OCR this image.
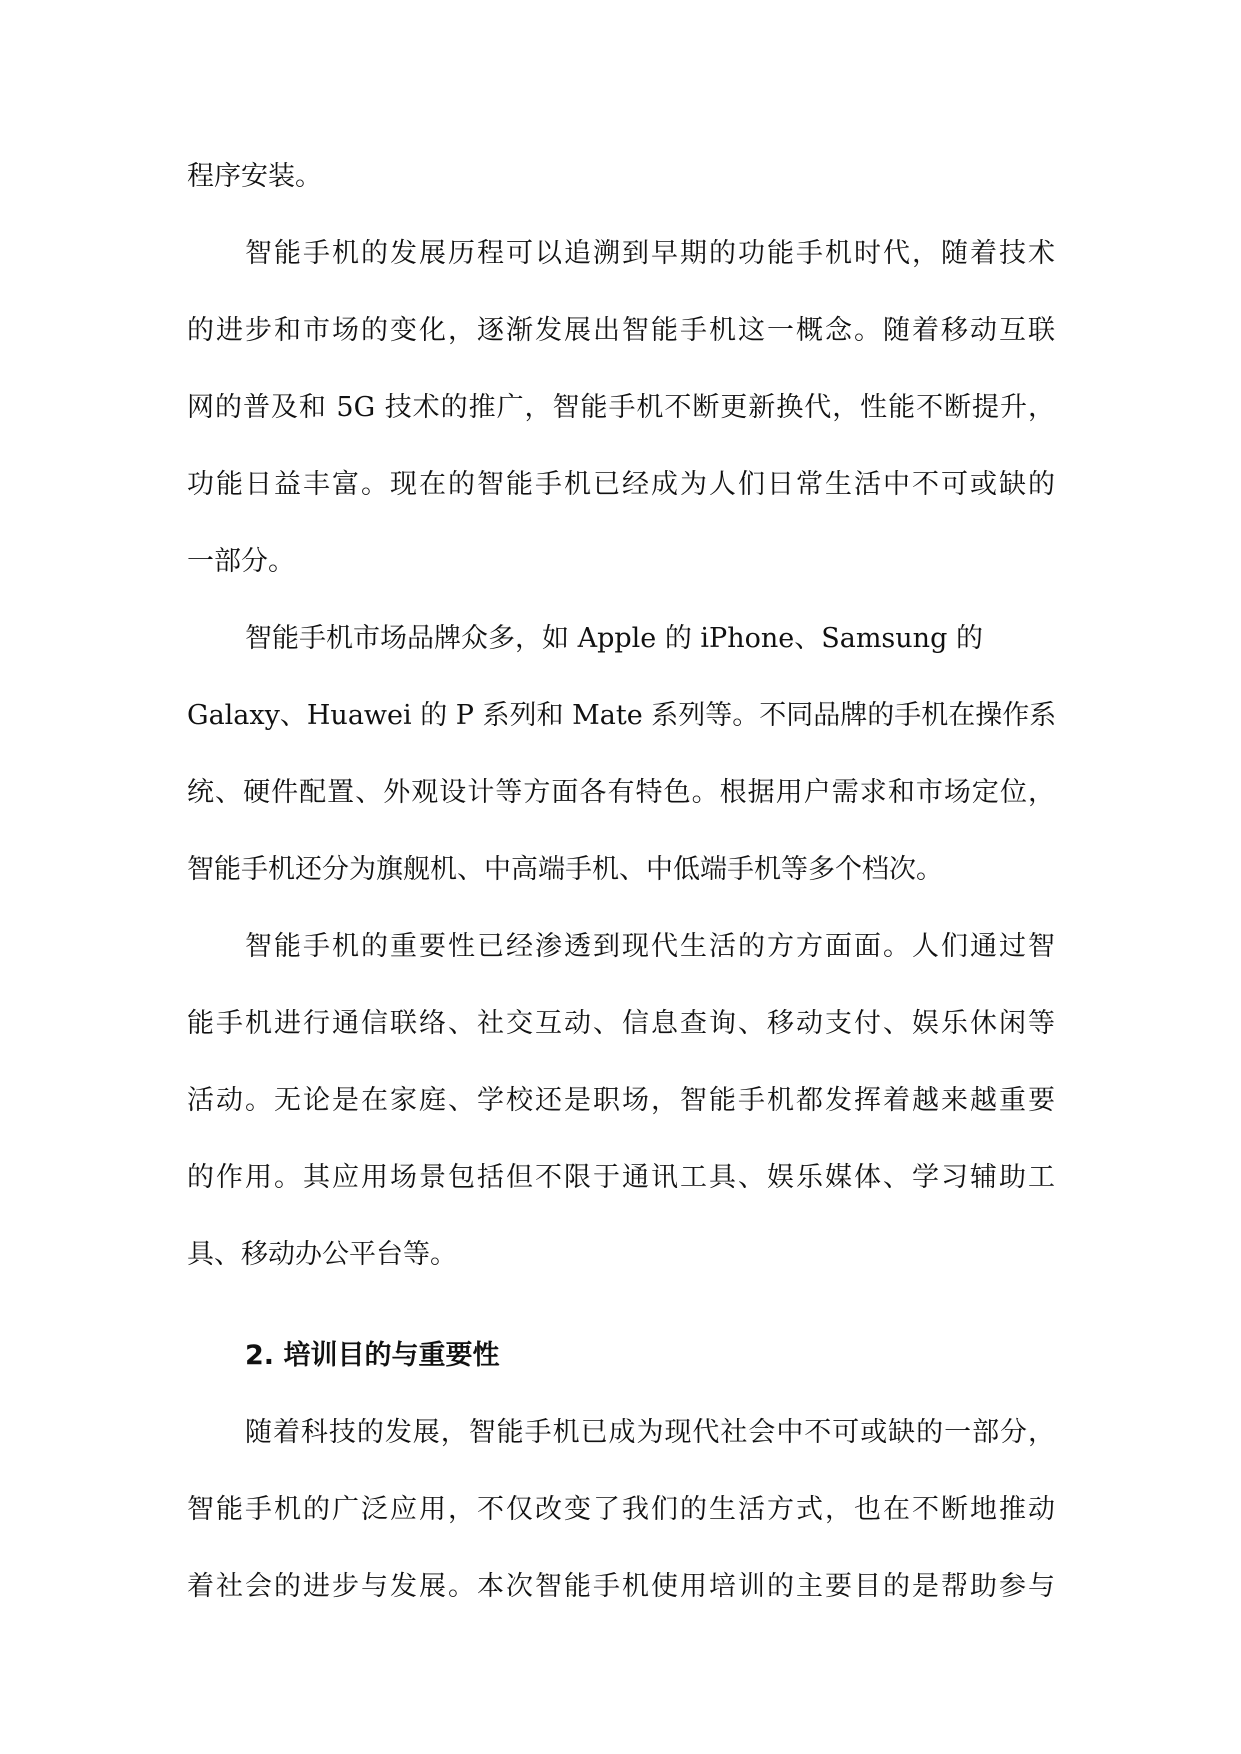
程序安装。
智能手机的发展历程可以追溯到早期的功能手机时代，随着技术
的进步和市场的变化，逐渐发展出智能手机这一概念。随着移动互联
网的普及和 5G 技术的推广，智能手机不断更新换代，性能不断提升，
功能日益丰富。现在的智能手机已经成为人们日常生活中不可或缺的
一部分。
智能手机市场品牌众多，如 Apple 的 iPhone、Samsung 的
Galaxy、Huawei 的 P 系列和 Mate 系列等。不同品牌的手机在操作系
统、硬件配置、外观设计等方面各有特色。根据用户需求和市场定位，
智能手机还分为旗舰机、中高端手机、中低端手机等多个档次。
智能手机的重要性已经渗透到现代生活的方方面面。人们通过智
能手机进行通信联络、社交互动、信息查询、移动支付、娱乐休闲等
活动。无论是在家庭、学校还是职场，智能手机都发挥着越来越重要
的作用。其应用场景包括但不限于通讯工具、娱乐媒体、学习辅助工
具、移动办公平台等。
2. 培训目的与重要性
随着科技的发展，智能手机已成为现代社会中不可或缺的一部分，
智能手机的广泛应用，不仅改变了我们的生活方式，也在不断地推动
着社会的进步与发展。本次智能手机使用培训的主要目的是帮助参与
